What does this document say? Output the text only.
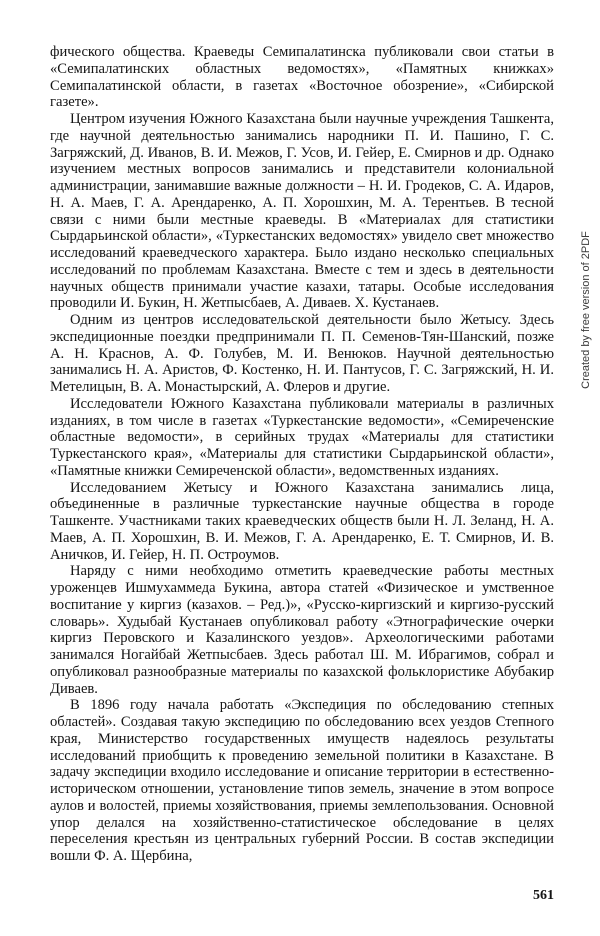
фического общества. Краеведы Семипалатинска публиковали свои статьи в «Семипалатинских областных ведомостях», «Памятных книжках» Семипалатинской области, в газетах «Восточное обозрение», «Сибирской газете».

Центром изучения Южного Казахстана были научные учреждения Ташкента, где научной деятельностью занимались народники П. И. Пашино, Г. С. Загряжский, Д. Иванов, В. И. Межов, Г. Усов, И. Гейер, Е. Смирнов и др. Однако изучением местных вопросов занимались и представители колониальной администрации, занимавшие важные должности – Н. И. Гродеков, С. А. Идаров, Н. А. Маев, Г. А. Арендаренко, А. П. Хорошхин, М. А. Терентьев. В тесной связи с ними были местные краеведы. В «Материалах для статистики Сырдарьинской области», «Туркестанских ведомостях» увидело свет множество исследований краеведческого характера. Было издано несколько специальных исследований по проблемам Казахстана. Вместе с тем и здесь в деятельности научных обществ принимали участие казахи, татары. Особые исследования проводили И. Букин, Н. Жетпысбаев, А. Диваев. Х. Кустанаев.

Одним из центров исследовательской деятельности было Жетысу. Здесь экспедиционные поездки предпринимали П. П. Семенов-Тян-Шанский, позже А. Н. Краснов, А. Ф. Голубев, М. И. Венюков. Научной деятельностью занимались Н. А. Аристов, Ф. Костенко, Н. И. Пантусов, Г. С. Загряжский, Н. И. Метелицын, В. А. Монастырский, А. Флеров и другие.

Исследователи Южного Казахстана публиковали материалы в различных изданиях, в том числе в газетах «Туркестанские ведомости», «Семиреченские областные ведомости», в серийных трудах «Материалы для статистики Туркестанского края», «Материалы для статистики Сырдарьинской области», «Памятные книжки Семиреченской области», ведомственных изданиях.

Исследованием Жетысу и Южного Казахстана занимались лица, объединенные в различные туркестанские научные общества в городе Ташкенте. Участниками таких краеведческих обществ были Н. Л. Зеланд, Н. А. Маев, А. П. Хорошхин, В. И. Межов, Г. А. Арендаренко, Е. Т. Смирнов, И. В. Аничков, И. Гейер, Н. П. Остроумов.

Наряду с ними необходимо отметить краеведческие работы местных уроженцев Ишмухаммеда Букина, автора статей «Физическое и умственное воспитание у киргиз (казахов. – Ред.)», «Русско-киргизский и киргизо-русский словарь». Худыбай Кустанаев опубликовал работу «Этнографические очерки киргиз Перовского и Казалинского уездов». Археологическими работами занимался Ногайбай Жетпысбаев. Здесь работал Ш. М. Ибрагимов, собрал и опубликовал разнообразные материалы по казахской фольклористике Абубакир Диваев.

В 1896 году начала работать «Экспедиция по обследованию степных областей». Создавая такую экспедицию по обследованию всех уездов Степного края, Министерство государственных имуществ надеялось результаты исследований приобщить к проведению земельной политики в Казахстане. В задачу экспедиции входило исследование и описание территории в естественно-историческом отношении, установление типов земель, значение в этом вопросе аулов и волостей, приемы хозяйствования, приемы землепользования. Основной упор делался на хозяйственно-статистическое обследование в целях переселения крестьян из центральных губерний России. В состав экспедиции вошли Ф. А. Щербина,

Created by free version of 2PDF
561
